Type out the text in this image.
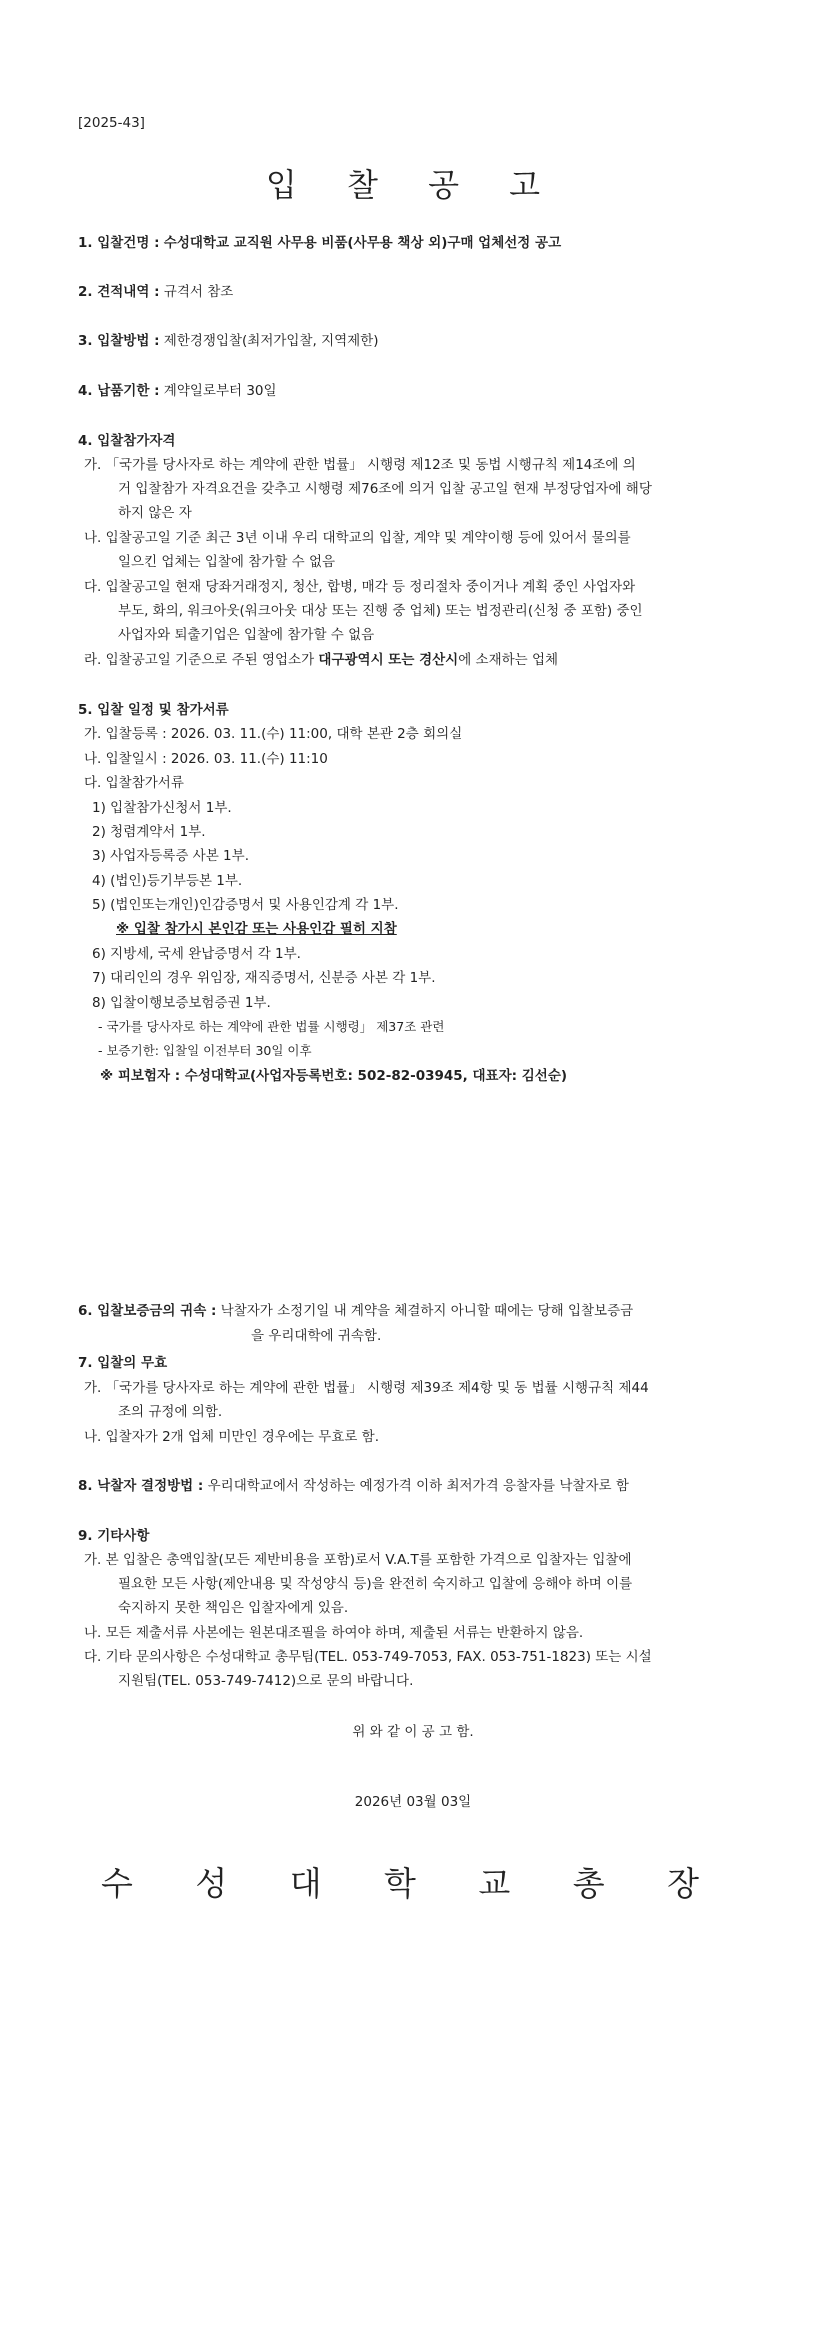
[2025-43]
입 찰 공 고
1. 입찰건명 : 수성대학교 교직원 사무용 비품(사무용 책상 외)구매 업체선정 공고
2. 견적내역 : 규격서 참조
3. 입찰방법 : 제한경쟁입찰(최저가입찰, 지역제한)
4. 납품기한 : 계약일로부터 30일
4. 입찰참가자격
가. 「국가를 당사자로 하는 계약에 관한 법률」 시행령 제12조 및 동법 시행규칙 제14조에 의
거 입찰참가 자격요건을 갖추고 시행령 제76조에 의거 입찰 공고일 현재 부정당업자에 해당
하지 않은 자
나. 입찰공고일 기준 최근 3년 이내 우리 대학교의 입찰, 계약 및 계약이행 등에 있어서 물의를
일으킨 업체는 입찰에 참가할 수 없음
다. 입찰공고일 현재 당좌거래정지, 청산, 합병, 매각 등 정리절차 중이거나 계획 중인 사업자와
부도, 화의, 워크아웃(워크아웃 대상 또는 진행 중 업체) 또는 법정관리(신청 중 포함) 중인
사업자와 퇴출기업은 입찰에 참가할 수 없음
라. 입찰공고일 기준으로 주된 영업소가 대구광역시 또는 경산시에 소재하는 업체
5. 입찰 일정 및 참가서류
가. 입찰등록 : 2026. 03. 11.(수) 11:00, 대학 본관 2층 회의실
나. 입찰일시 : 2026. 03. 11.(수) 11:10
다. 입찰참가서류
1) 입찰참가신청서 1부.
2) 청렴계약서 1부.
3) 사업자등록증 사본 1부.
4) (법인)등기부등본 1부.
5) (법인또는개인)인감증명서 및 사용인감계 각 1부.
※ 입찰 참가시 본인감 또는 사용인감 필히 지참
6) 지방세, 국세 완납증명서 각 1부.
7) 대리인의 경우 위임장, 재직증명서, 신분증 사본 각 1부.
8) 입찰이행보증보험증권 1부.
- 국가를 당사자로 하는 계약에 관한 법률 시행령」 제37조 관련
- 보증기한: 입찰일 이전부터 30일 이후
※ 피보험자 : 수성대학교(사업자등록번호: 502-82-03945, 대표자: 김선순)
6. 입찰보증금의 귀속 : 낙찰자가 소정기일 내 계약을 체결하지 아니할 때에는 당해 입찰보증금
을 우리대학에 귀속함.
7. 입찰의 무효
가. 「국가를 당사자로 하는 계약에 관한 법률」 시행령 제39조 제4항 및 동 법률 시행규칙 제44
조의 규정에 의함.
나. 입찰자가 2개 업체 미만인 경우에는 무효로 함.
8. 낙찰자 결정방법 : 우리대학교에서 작성하는 예정가격 이하 최저가격 응찰자를 낙찰자로 함
9. 기타사항
가. 본 입찰은 총액입찰(모든 제반비용을 포함)로서 V.A.T를 포함한 가격으로 입찰자는 입찰에
필요한 모든 사항(제안내용 및 작성양식 등)을 완전히 숙지하고 입찰에 응해야 하며 이를
숙지하지 못한 책임은 입찰자에게 있음.
나. 모든 제출서류 사본에는 원본대조필을 하여야 하며, 제출된 서류는 반환하지 않음.
다. 기타 문의사항은 수성대학교 총무팀(TEL. 053-749-7053, FAX. 053-751-1823) 또는 시설
지원팀(TEL. 053-749-7412)으로 문의 바랍니다.
위 와 같 이 공 고 함.
2026년 03월 03일
수 성 대 학 교 총 장
